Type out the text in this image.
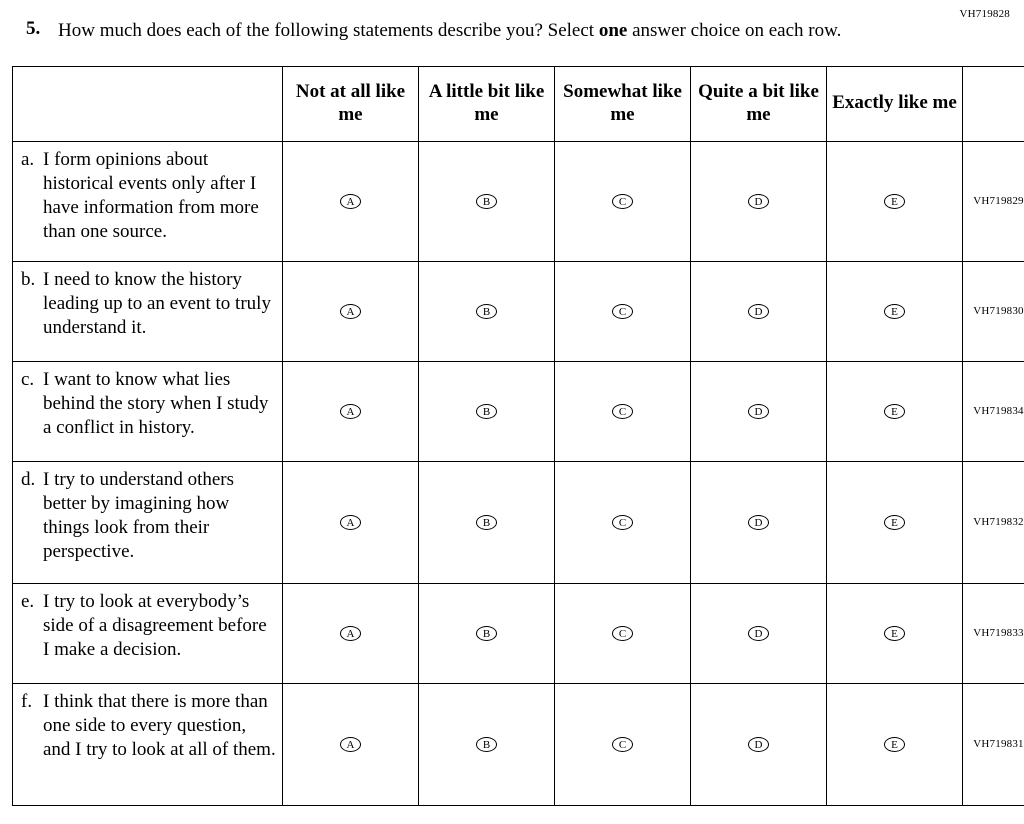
VH719828
5. How much does each of the following statements describe you? Select one answer choice on each row.
	Not at all like me	A little bit like me	Somewhat like me	Quite a bit like me	Exactly like me	

a. I form opinions about historical events only after I have information from more than one source.	A	B	C	D	E	VH719829

b. I need to know the history leading up to an event to truly understand it.	A	B	C	D	E	VH719830

c. I want to know what lies behind the story when I study a conflict in history.	A	B	C	D	E	VH719834

d. I try to understand others better by imagining how things look from their perspective.	A	B	C	D	E	VH719832

e. I try to look at everybody’s side of a disagreement before I make a decision.	A	B	C	D	E	VH719833

f. I think that there is more than one side to every question, and I try to look at all of them.	A	B	C	D	E	VH719831
